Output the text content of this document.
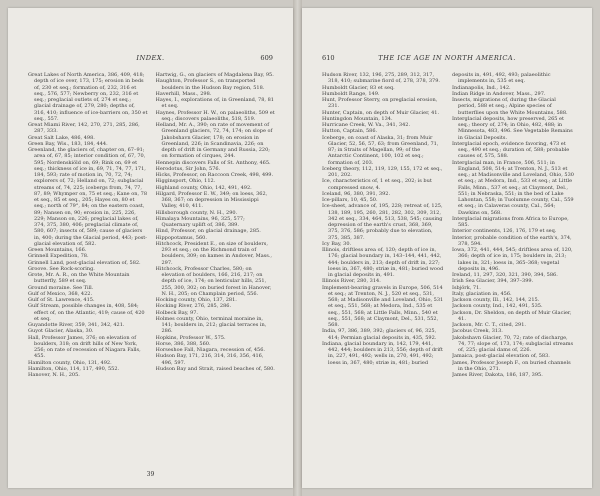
INDEX.	609

Great Lakes of North America, 386, 409, 418; depth of ice over, 173, 175; erosion in beds of, 230 et seq.; formation of, 232, 316 et seq., 576, 577; Newberry on, 232, 316 et seq.; preglacial outlets of, 274 et seq.; glacial drainage of, 279, 280; depths of, 316, 410; influence of ice-barriers on, 350 et seq., 557.

Great Miami River, 142, 270, 271, 285, 286, 287, 333.

Great Salt Lake, 486, 498.

Green Bay, Wis., 183, 184, 444.

Greenland, the glaciers of, chapter on, 67–91; area of, 67, 85; interior condition of, 67, 70, 595; Nordenskiöld on, 69; Rink on, 69 et seq.; thickness of ice in, 69, 71, 74, 77, 171, 184, 593; rate of motion in, 70, 72, 74; explorers of, 72; Helland on, 72; subglacial streams of, 74, 225; icebergs from, 74, 77, 87, 89; Whymper on, 75 et seq.; Kane on, 78 et seq., 85 et seq., 205; Hayes on, 80 et seq.; north of 79°, 84; on the eastern coast, 89; Nansen on, 90; erosion in, 225, 226, 229; Manson on, 226; preglacial lakes of, 374, 375, 380, 406; preglacial climate of, 580, 607; insects of, 589; cause of glaciers in, 400; during the Glacial period, 443; post-glacial elevation of, 582.

Green Mountains, 166.

Grinnell Expedition, 78.

Grinnell Land, post-glacial elevation of, 582.

Groove. See Rock-scoring.

Grote, Mr. A. R., on the White Mountain butterfly, 589 et seq.

Ground moraine. See Till.

Gulf of Mexico, 368, 422.

Gulf of St. Lawrence, 415.

Gulf Stream, possible changes in, 408, 584; effect of, on the Atlantic, 419; cause of, 420 et seq.

Guyandotte River, 359, 341, 342, 421.

Guyot Glacier, Alaska, 30.

Hall, Professor James, 376; on elevation of boulders, 318; on drift hills of New York, 256; on rate of recession of Niagara Falls, 455.

Hamilton county, Ohio, 131, 492.

Hamilton, Ohio, 114, 117, 490, 552.

Hanover, N. H., 205.

Hartwig, G., on glaciers of Magdalena Bay, 95.

Haughton, Professor S., on transported boulders in the Hudson Bay region, 518.

Haverhill, Mass., 298.

Hayes, I., explorations of, in Greenland, 78, 81 et seq.

Haynes, Professor H. W., on palaeoliths, 509 et seq.; discovers palaeoliths, 518, 519.

Helland, Mr. A., 390; on rate of movement of Greenland glaciers, 72, 74, 174; on slope of Jakobshavn Glacier, 178; on erosion in Greenland, 226; in Scandinavia, 226; on depth of drift in Germany and Russia, 220; on formation of cirques, 244.

Hennepin discovers Falls of St. Anthony, 465.

Herodotus, Sir John, 576.

Hicks, Professor, on Raccoon Creek, 498, 499.

Higginsport, Ohio, 112.

Highland county, Ohio, 142, 491, 492.

Hilgard, Professor E. W., 349; on loess, 362, 368, 367; on depression in Mississippi Valley, 410, 411.

Hillsborough county, N. H., 290.

Himalaya Mountains, 96, 325, 577; Quaternary uplift of, 386, 389.

Hind, Professor, on glacial drainage, 285.

Hippopotamus, 560.

Hitchcock, President E., on size of boulders, 293 et seq.; on the Richmond train of boulders, 309; on kames in Andover, Mass., 297.

Hitchcock, Professor Charles, 580; on elevation of boulders, 166, 216, 217; on depth of ice, 174; on lenticular hills, 251, 255, 300, 302; on buried forest in Hanover, N. H., 205; on Champlain period, 556.

Hocking county, Ohio, 137, 281.

Hocking River, 276, 285, 286.

Holbeck Bay, 97.

Holmes county, Ohio, terminal moraine in, 141; boulders in, 212; glacial terraces in, 286.

Hopkins, Professor W., 575.

Horse, 386, 388, 560.

Horseshoe Fall, Niagara, recession of, 456.

Hudson Bay, 171, 216, 314, 316, 356, 416, 496, 597.

Hudson Bay and Strait, raised beaches of, 580.

39
610	THE ICE AGE IN NORTH AMERICA.

Hudson River, 132, 196, 275, 289, 312, 317, 318, 410; submarine fiord of, 278, 378, 379.

Humboldt Glacier, 83 et seq.

Humboldt Range, 149.

Hunt, Professor Sterry, on preglacial erosion, 231.

Hunter, Captain, on depth of Muir Glacier, 41.

Huntingdon Mountain, 134.

Hurricane Creek, W. Va., 341, 342.

Hutton, Captain, 586.

Iceberge, on coast of Alaska, 31; from Muir Glacier, 52, 56, 57, 63; from Greenland, 71, 87; in Straits of Magellan, 99; of the Antarctic Continent, 100, 102 et seq.; formation of, 203.

Iceberg theory, 112, 119, 129, 155, 172 et seq., 201, 202.

Ice, characteristics of, 1 et seq., 202; is but compressed snow, 4.

Iceland, 96, 380, 391, 392.

Ice-pillars, 10, 45, 50.

Ice-sheet, advance of, 195, 228; retreat of, 125, 138, 189, 195, 260, 281, 282, 302, 309, 312, 342 et seq., 334, 464, 513, 538, 545; causing depression of the earth's crust, 368, 369, 375, 376, 586; probably due to elevation, 375, 385, 387.

Icy Bay, 30.

Illinois, driftless area of, 120; depth of ice in, 176; glacial boundary in, 143–144, 441, 442, 444; boulders in, 213; depth of drift in, 227; loess in, 367, 480; striæ in, 481; buried wood in glacial deposits in, 491.

Illinois River, 280, 314.

Implement-bearing gravels in Europe, 506, 514 et seq.; at Trenton, N. J., 520 et seq., 531, 568; at Madisonville and Loveland, Ohio, 531 et seq., 551, 568; at Medora, Ind., 535 et seq., 551, 568; at Little Falls, Minn., 540 et seq., 551, 568; at Claymont, Del., 531, 552, 568.

India, 97, 386, 389, 392; glaciers of, 96, 325, 414; Permian glacial deposits in, 435, 592.

Indiana, glacial boundary in, 142, 179, 441, 442, 444; boulders in 213, 556; depth of drift in, 227, 491, 492; wells in, 270, 491, 492; loess in, 367, 480; striæ in, 481; buried

deposits in, 491, 492, 493; palaeolithic implements in, 535 et seq.

Indianapolis, Ind., 142.

Indian Ridge in Andover, Mass., 297.

Insects, migrations of, during the Glacial period, 588 et seq.; Alpine species of butterflies upon the White Mountains, 588.

Interglacial deposits, how preserved, 265 et seq.; theory of, 274; in Ohio, 482, 488; in Minnesota, 483, 496. See Vegetable Remains in Glacial Deposits.

Interglacial epoch, evidence favoring, 473 et seq., 490 et seq.; duration of, 588; probable causes of, 575, 588.

Interglacial man, in France, 506, 511; in England, 508, 514; at Trenton, N. J., 513 et seq.; at Madisonville and Loveland, Ohio, 530 et seq.; at Medora, Ind., 533 et seq.; at Little Falls, Minn., 537 et seq.; at Claymont, Del., 551; in Nebraska, 551; in the bed of Lake Lahontan, 558; in Tuolumne county, Cal., 559 et seq.; in Calaveras county, Cal., 564; Dawkins on, 568.

Interglacial migrations from Africa to Europe, 585.

Interior continents, 126, 176, 179 et seq.

Interior, probable condition of the earth's, 374, 378, 594.

Iowa, 372, 441, 444, 545; driftless area of, 120, 366; depth of ice in, 175; boulders in, 213; lakes in, 321; loess in, 365–368; vegetal deposits in, 496.

Ireland, 11, 297, 320, 321, 390, 394, 586.

Irish Sea Glacier, 394, 397–399.

Isbjörk, 71.

Italy, glaciation in, 456.

Jackson county, Ill., 142, 144, 215.

Jackson county, Ind., 142, 491, 535.

Jackson, Dr. Sheldon, on depth of Muir Glacier, 41.

Jackson, Mr. C. T., cited, 291.

Jacobus Creek, 313.

Jakobshavn Glacier, 70, 72; rate of discharge, 74, 77; slope of, 173, 174; subglacial streams of, 225; glacial dams of, 226.

Jamaica, post-glacial elevation of, 583.

James, Professor Joseph F., on buried channels in the Ohio, 271.

James River, Dakota, 186, 187, 395.
